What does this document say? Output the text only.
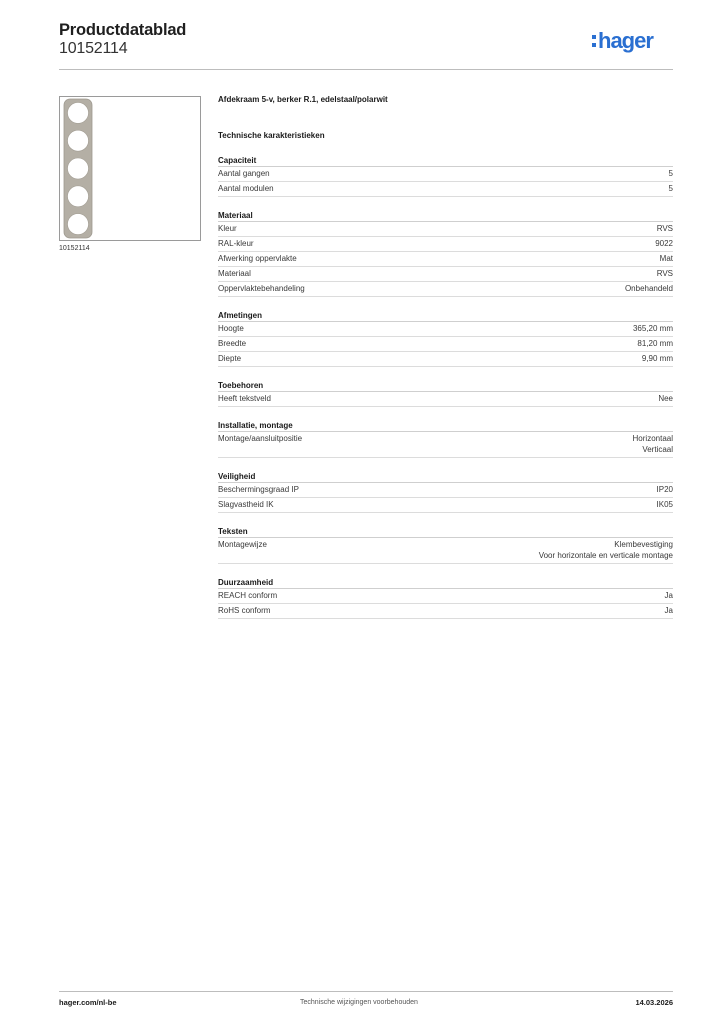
Productdatablad
10152114	hager
10152114
Afdekraam 5-v, berker R.1, edelstaal/polarwit
Technische karakteristieken
Capaciteit
Aantal gangen	5
Aantal modulen	5
Materiaal
Kleur	RVS
RAL-kleur	9022
Afwerking oppervlakte	Mat
Materiaal	RVS
Oppervlaktebehandeling	Onbehandeld
Afmetingen
Hoogte	365,20 mm
Breedte	81,20 mm
Diepte	9,90 mm
Toebehoren
Heeft tekstveld	Nee
Installatie, montage
Montage/aansluitpositie	Horizontaal
Verticaal
Veiligheid
Beschermingsgraad IP	IP20
Slagvastheid IK	IK05
Teksten
Montagewijze	Klembevestiging
Voor horizontale en verticale montage
Duurzaamheid
REACH conform	Ja
RoHS conform	Ja
hager.com/nl-be	Technische wijzigingen voorbehouden	14.03.2026
